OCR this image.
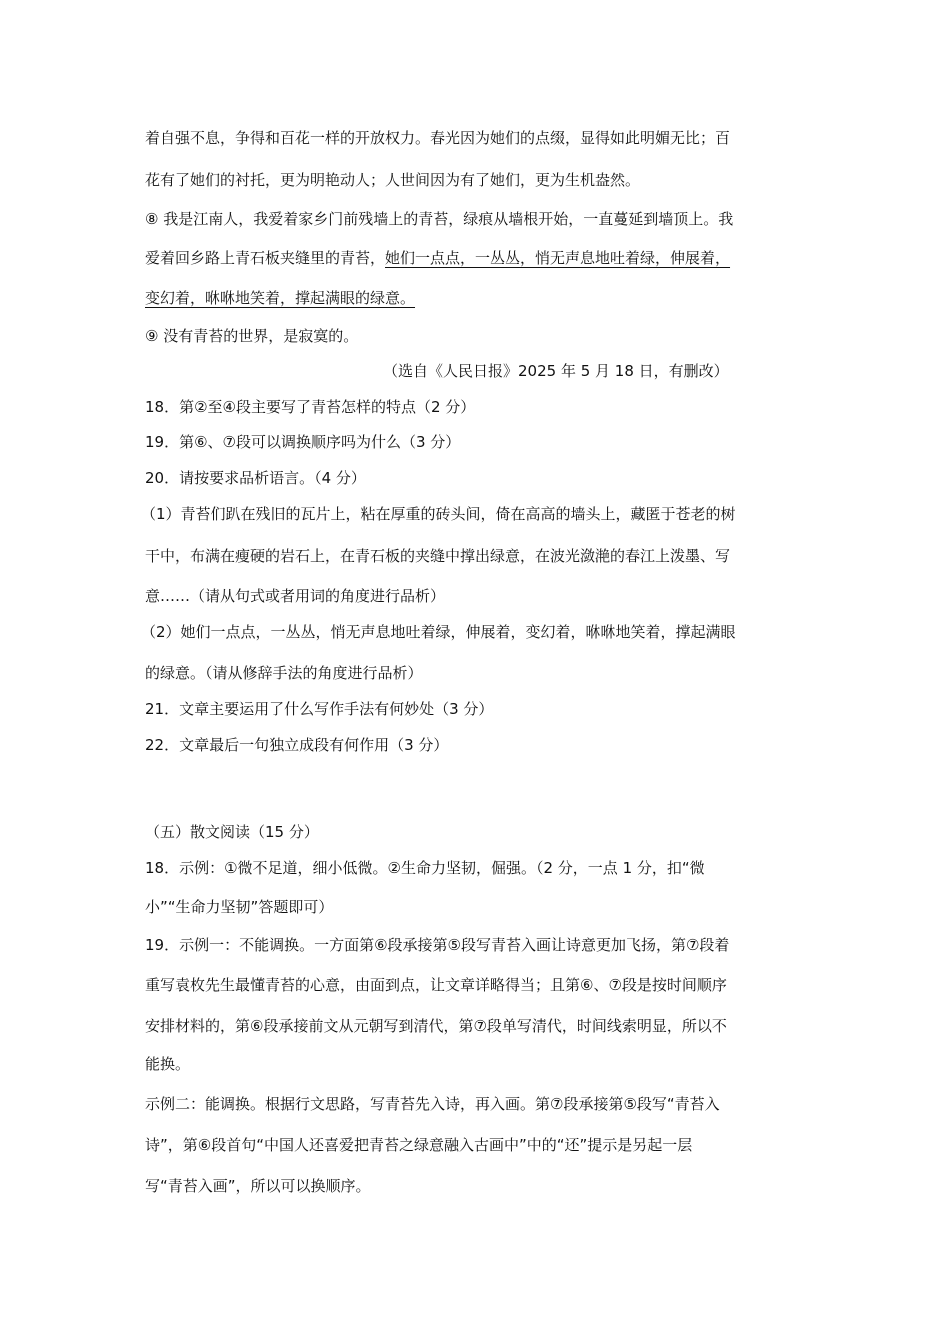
着自强不息，争得和百花一样的开放权力。春光因为她们的点缀，显得如此明媚无比；百
花有了她们的衬托，更为明艳动人；人世间因为有了她们，更为生机盎然。
⑧ 我是江南人，我爱着家乡门前残墙上的青苔，绿痕从墙根开始，一直蔓延到墙顶上。我
爱着回乡路上青石板夹缝里的青苔，她们一点点，一丛丛，悄无声息地吐着绿，伸展着，
变幻着，咻咻地笑着，撑起满眼的绿意。
⑨ 没有青苔的世界，是寂寞的。
（选自《人民日报》2025 年 5 月 18 日，有删改）
18．第②至④段主要写了青苔怎样的特点（2 分）
19．第⑥、⑦段可以调换顺序吗为什么（3 分）
20．请按要求品析语言。（4 分）
（1）青苔们趴在残旧的瓦片上，粘在厚重的砖头间，倚在高高的墙头上，藏匿于苍老的树
干中，布满在瘦硬的岩石上，在青石板的夹缝中撑出绿意，在波光潋滟的春江上泼墨、写
意……（请从句式或者用词的角度进行品析）
（2）她们一点点，一丛丛，悄无声息地吐着绿，伸展着，变幻着，咻咻地笑着，撑起满眼
的绿意。（请从修辞手法的角度进行品析）
21．文章主要运用了什么写作手法有何妙处（3 分）
22．文章最后一句独立成段有何作用（3 分）
（五）散文阅读（15 分）
18．示例：①微不足道，细小低微。②生命力坚韧，倔强。（2 分，一点 1 分，扣“微
小”“生命力坚韧”答题即可）
19．示例一：不能调换。一方面第⑥段承接第⑤段写青苔入画让诗意更加飞扬，第⑦段着
重写袁枚先生最懂青苔的心意，由面到点，让文章详略得当；且第⑥、⑦段是按时间顺序
安排材料的，第⑥段承接前文从元朝写到清代，第⑦段单写清代，时间线索明显，所以不
能换。
示例二：能调换。根据行文思路，写青苔先入诗，再入画。第⑦段承接第⑤段写“青苔入
诗”，第⑥段首句“中国人还喜爱把青苔之绿意融入古画中”中的“还”提示是另起一层
写“青苔入画”，所以可以换顺序。
